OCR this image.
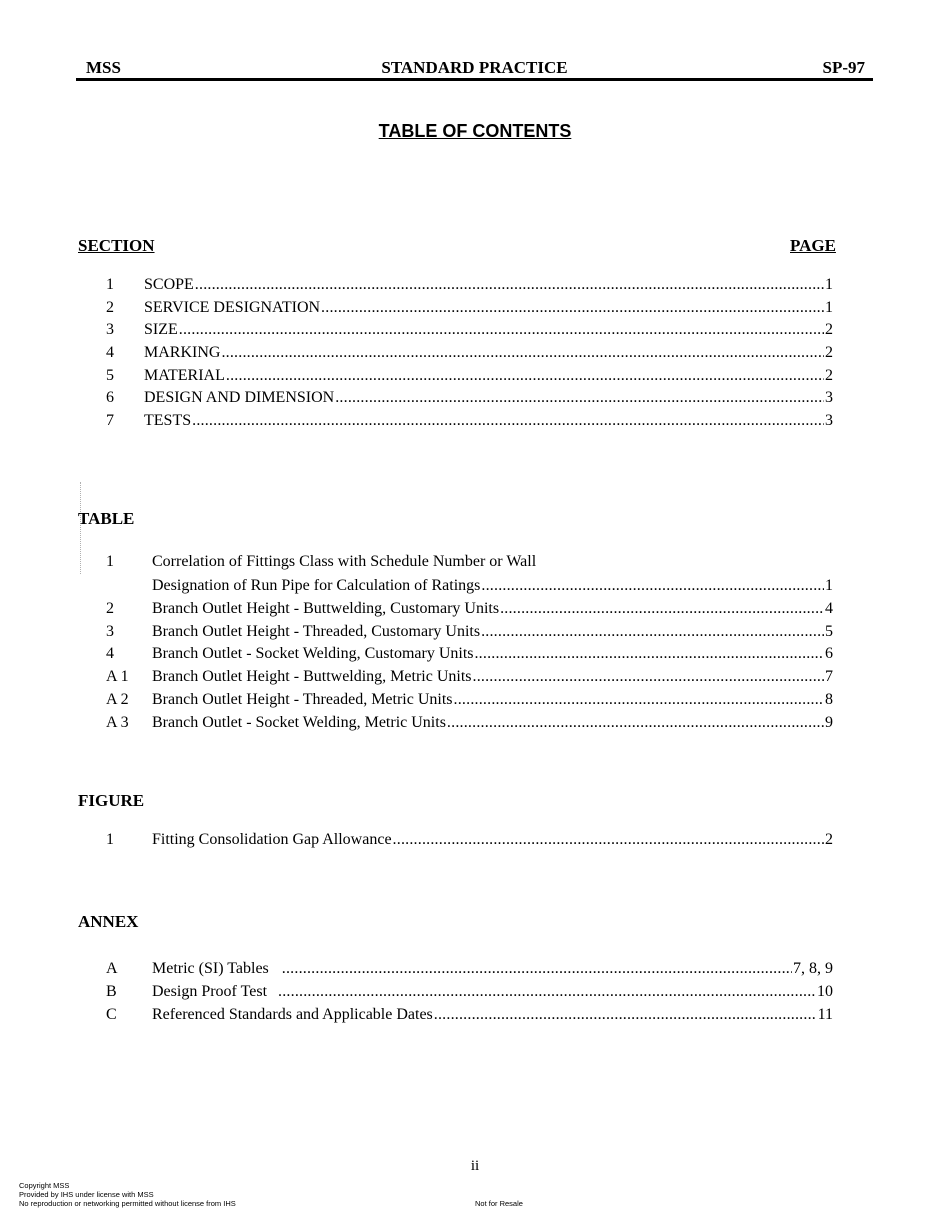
MSS	STANDARD PRACTICE	SP-97
TABLE OF CONTENTS
SECTION	PAGE
1 SCOPE .....	1
2 SERVICE DESIGNATION .....	1
3 SIZE .....	2
4 MARKING .....	2
5 MATERIAL .....	2
6 DESIGN AND DIMENSION .....	3
7 TESTS .....	3
TABLE
1 Correlation of Fittings Class with Schedule Number or Wall
Designation of Run Pipe for Calculation of Ratings .....	1
2 Branch Outlet Height - Buttwelding, Customary Units .....	4
3 Branch Outlet Height - Threaded, Customary Units .....	5
4 Branch Outlet - Socket Welding, Customary Units .....	6
A 1 Branch Outlet Height - Buttwelding, Metric Units .....	7
A 2 Branch Outlet Height - Threaded, Metric Units .....	8
A 3 Branch Outlet - Socket Welding, Metric Units .....	9
FIGURE
1 Fitting Consolidation Gap Allowance .....	2
ANNEX
A Metric (SI) Tables .....	7, 8, 9
B Design Proof Test .....	10
C Referenced Standards and Applicable Dates .....	11
ii
Copyright MSS
Provided by IHS under license with MSS
No reproduction or networking permitted without license from IHS	Not for Resale
